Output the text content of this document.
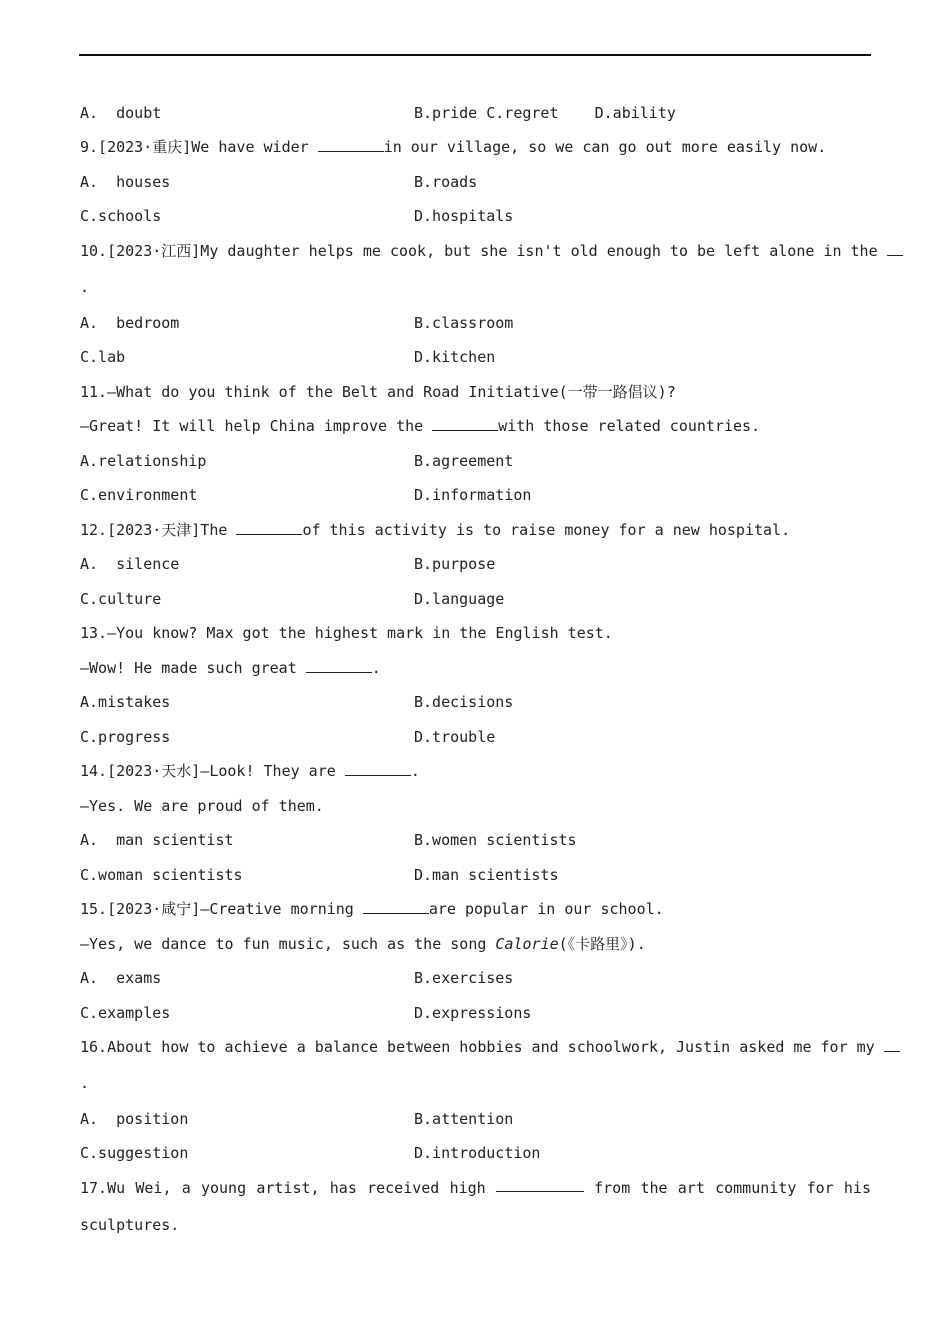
A.  doubt	B.pride C.regret    D.ability
9.[2023·重庆]We have wider	in our village, so we can go out more easily now.
A.  houses	B.roads
C.schools	D.hospitals
10.[2023·江西]My daughter helps me cook, but she isn't old enough to be left alone in the
.
A.  bedroom	B.classroom
C.lab	D.kitchen
11.—What do you think of the Belt and Road Initiative(一带一路倡议)?
—Great! It will help China improve the	with those related countries.
A.relationship	B.agreement
C.environment	D.information
12.[2023·天津]The	of this activity is to raise money for a new hospital.
A.  silence	B.purpose
C.culture	D.language
13.—You know? Max got the highest mark in the English test.
—Wow! He made such great	.
A.mistakes	B.decisions
C.progress	D.trouble
14.[2023·天水]—Look! They are	.
—Yes. We are proud of them.
A.  man scientist	B.women scientists
C.woman scientists	D.man scientists
15.[2023·咸宁]—Creative morning	are popular in our school.
—Yes, we dance to fun music, such as the song Calorie(《卡路里》).
A.  exams	B.exercises
C.examples	D.expressions
16.About how to achieve a balance between hobbies and schoolwork, Justin asked me for my
.
A.  position	B.attention
C.suggestion	D.introduction
17.Wu Wei, a young artist, has received high	from the art community for his
sculptures.
